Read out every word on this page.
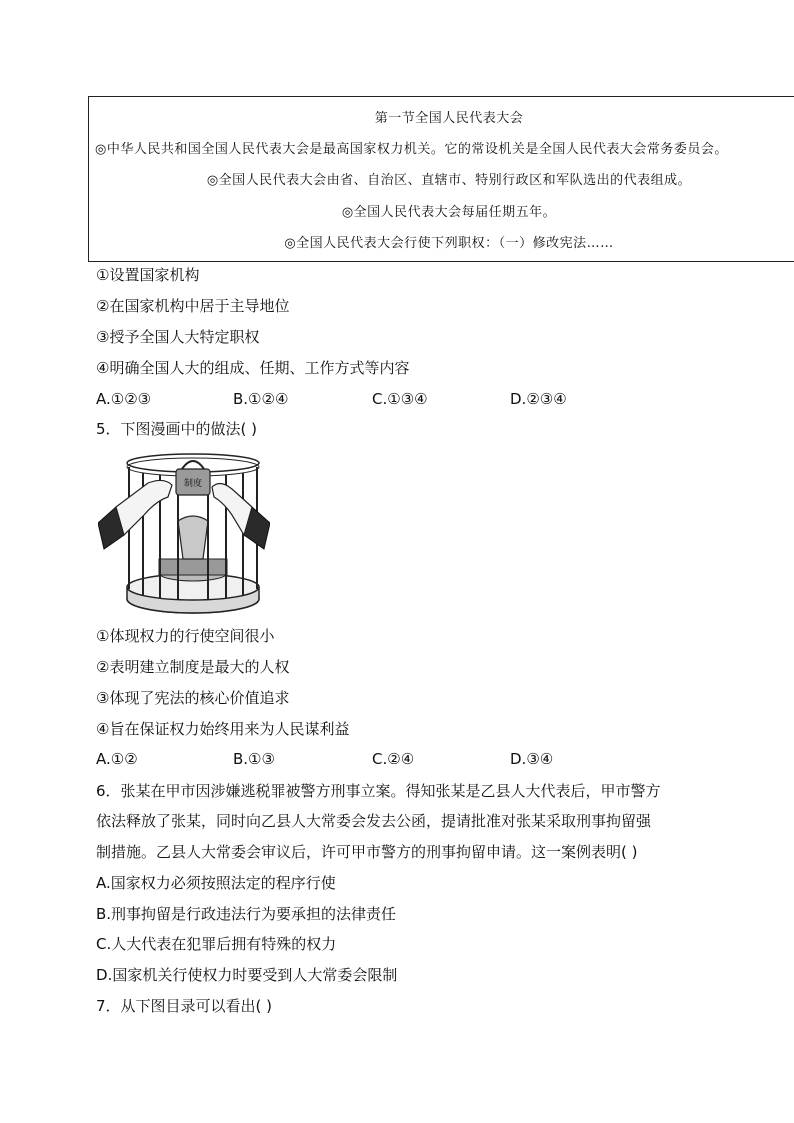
第一节全国人民代表大会
◎中华人民共和国全国人民代表大会是最高国家权力机关。它的常设机关是全国人民代表大会常务委员会。
◎全国人民代表大会由省、自治区、直辖市、特别行政区和军队选出的代表组成。
◎全国人民代表大会每届任期五年。
◎全国人民代表大会行使下列职权：（一）修改宪法……
①设置国家机构
②在国家机构中居于主导地位
③授予全国人大特定职权
④明确全国人大的组成、任期、工作方式等内容
A.①②③	B.①②④	C.①③④	D.②③④
5．下图漫画中的做法( )
制度
①体现权力的行使空间很小
②表明建立制度是最大的人权
③体现了宪法的核心价值追求
④旨在保证权力始终用来为人民谋利益
A.①②	B.①③	C.②④	D.③④
6．张某在甲市因涉嫌逃税罪被警方刑事立案。得知张某是乙县人大代表后，甲市警方
依法释放了张某，同时向乙县人大常委会发去公函，提请批准对张某采取刑事拘留强
制措施。乙县人大常委会审议后，许可甲市警方的刑事拘留申请。这一案例表明( )
A.国家权力必须按照法定的程序行使
B.刑事拘留是行政违法行为要承担的法律责任
C.人大代表在犯罪后拥有特殊的权力
D.国家机关行使权力时要受到人大常委会限制
7．从下图目录可以看出( )
